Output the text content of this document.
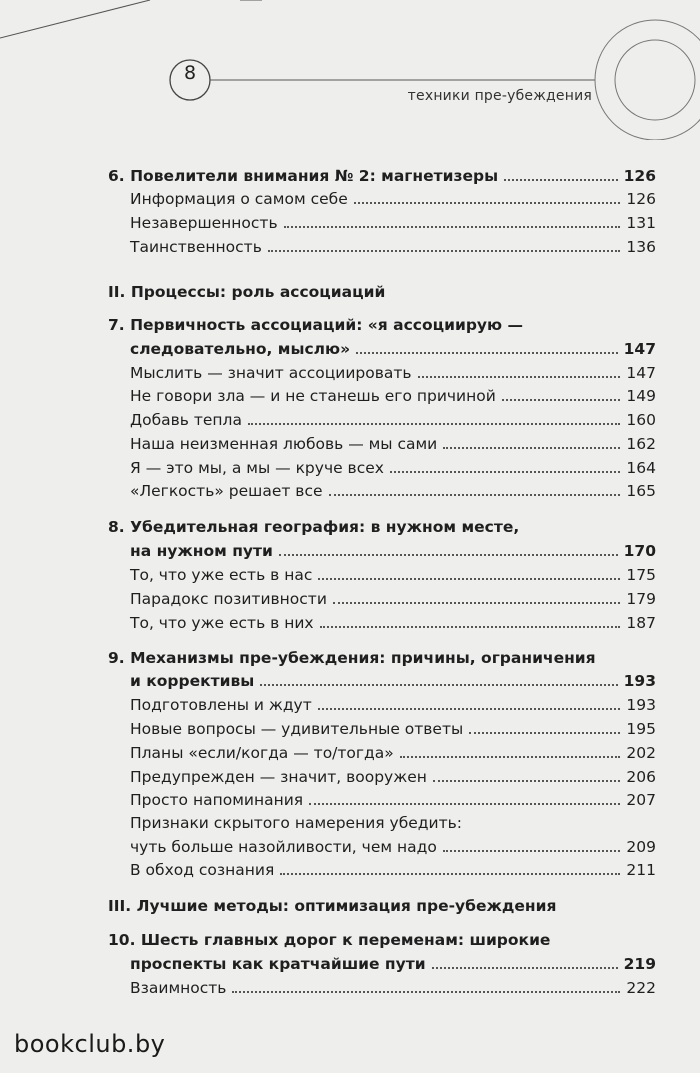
8
техники пре-убеждения
6. Повелители внимания № 2: магнетизеры	126
Информация о самом себе	126
Незавершенность	131
Таинственность	136
II. Процессы: роль ассоциаций
7. Первичность ассоциаций: «я ассоциирую —
следовательно, мыслю»	147
Мыслить — значит ассоциировать	147
Не говори зла — и не станешь его причиной	149
Добавь тепла	160
Наша неизменная любовь — мы сами	162
Я — это мы, а мы — круче всех	164
«Легкость» решает все	165
8. Убедительная география: в нужном месте,
на нужном пути	170
То, что уже есть в нас	175
Парадокс позитивности	179
То, что уже есть в них	187
9. Механизмы пре-убеждения: причины, ограничения
и коррективы	193
Подготовлены и ждут	193
Новые вопросы — удивительные ответы	195
Планы «если/когда — то/тогда»	202
Предупрежден — значит, вооружен	206
Просто напоминания	207
Признаки скрытого намерения убедить:
чуть больше назойливости, чем надо	209
В обход сознания	211
III. Лучшие методы: оптимизация пре-убеждения
10. Шесть главных дорог к переменам: широкие
проспекты как кратчайшие пути	219
Взаимность	222
bookclub.by
